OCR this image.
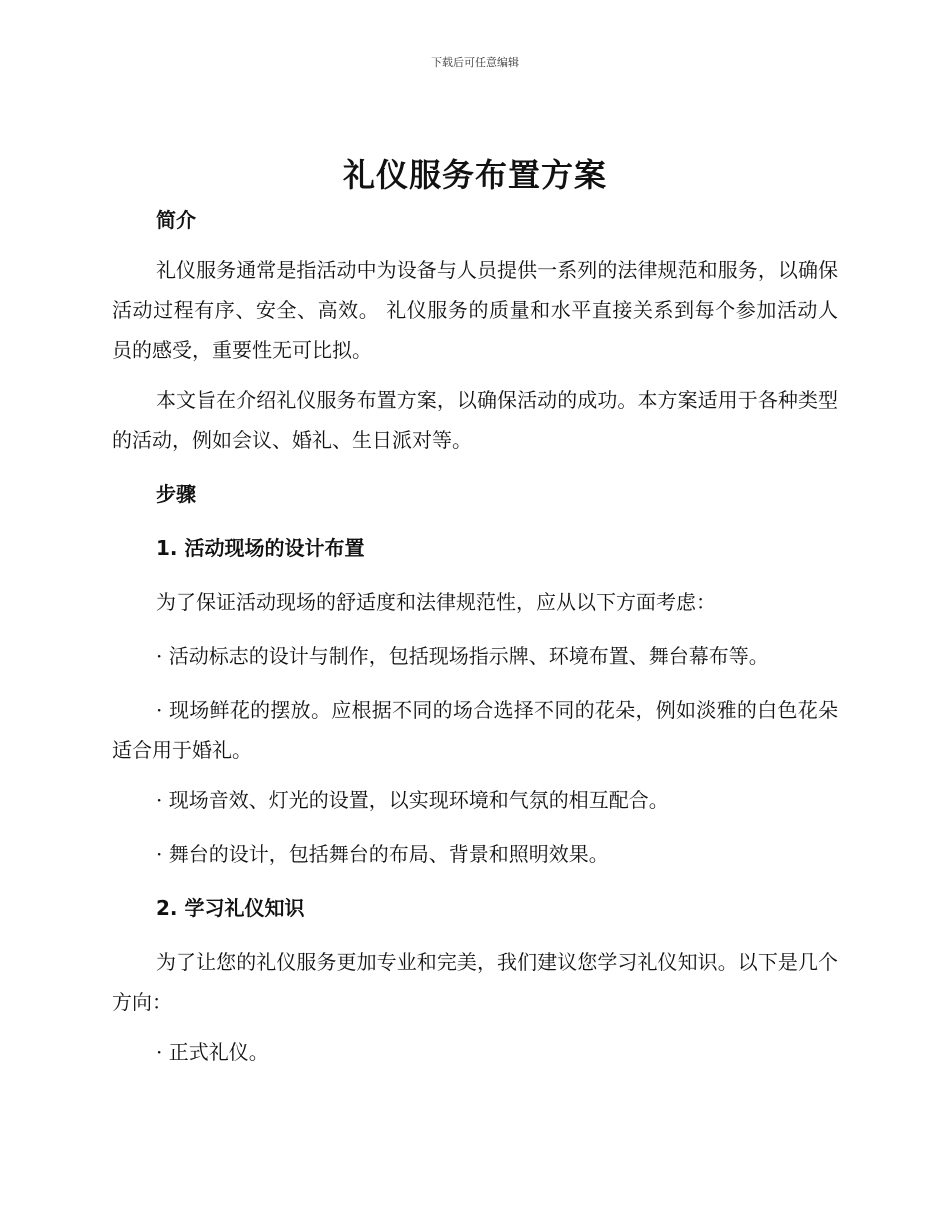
下载后可任意编辑
礼仪服务布置方案

简介

礼仪服务通常是指活动中为设备与人员提供一系列的法律规范和服务，以确保活动过程有序、安全、高效。 礼仪服务的质量和水平直接关系到每个参加活动人员的感受，重要性无可比拟。

本文旨在介绍礼仪服务布置方案，以确保活动的成功。本方案适用于各种类型的活动，例如会议、婚礼、生日派对等。

步骤

1. 活动现场的设计布置

为了保证活动现场的舒适度和法律规范性，应从以下方面考虑：

· 活动标志的设计与制作，包括现场指示牌、环境布置、舞台幕布等。

· 现场鲜花的摆放。应根据不同的场合选择不同的花朵，例如淡雅的白色花朵适合用于婚礼。

· 现场音效、灯光的设置，以实现环境和气氛的相互配合。

· 舞台的设计，包括舞台的布局、背景和照明效果。

2. 学习礼仪知识

为了让您的礼仪服务更加专业和完美，我们建议您学习礼仪知识。以下是几个方向：

· 正式礼仪。
